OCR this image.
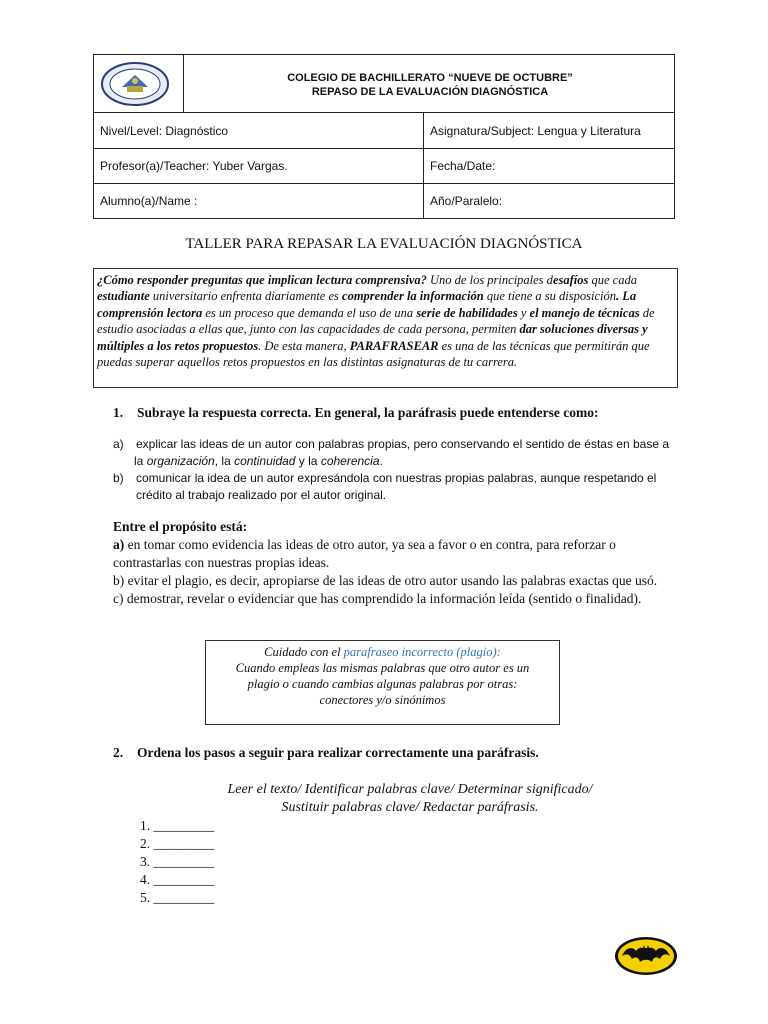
COLEGIO DE BACHILLERATO “NUEVE DE OCTUBRE”
REPASO DE LA EVALUACIÓN DIAGNÓSTICA
Nivel/Level: Diagnóstico	Asignatura/Subject: Lengua y Literatura
Profesor(a)/Teacher: Yuber Vargas.	Fecha/Date:
Alumno(a)/Name :	Año/Paralelo:
TALLER PARA REPASAR LA EVALUACIÓN DIAGNÓSTICA
¿Cómo responder preguntas que implican lectura comprensiva? Uno de los principales desafíos que cada estudiante universitario enfrenta diariamente es comprender la información que tiene a su disposición. La comprensión lectora es un proceso que demanda el uso de una serie de habilidades y el manejo de técnicas de estudio asociadas a ellas que, junto con las capacidades de cada persona, permiten dar soluciones diversas y múltiples a los retos propuestos. De esta manera, PARAFRASEAR es una de las técnicas que permitirán que puedas superar aquellos retos propuestos en las distintas asignaturas de tu carrera.
1. Subraye la respuesta correcta. En general, la paráfrasis puede entenderse como:
a) explicar las ideas de un autor con palabras propias, pero conservando el sentido de éstas en base a
la organización, la continuidad y la coherencia.
b) comunicar la idea de un autor expresándola con nuestras propias palabras, aunque respetando el
crédito al trabajo realizado por el autor original.
Entre el propósito está:
a) en tomar como evidencia las ideas de otro autor, ya sea a favor o en contra, para reforzar o contrastarlas con nuestras propias ideas.
b) evitar el plagio, es decir, apropiarse de las ideas de otro autor usando las palabras exactas que usó.
c) demostrar, revelar o evidenciar que has comprendido la información leída (sentido o finalidad).
Cuidado con el parafraseo incorrecto (plagio):
Cuando empleas las mismas palabras que otro autor es un
plagio o cuando cambias algunas palabras por otras:
conectores y/o sinónimos
2. Ordena los pasos a seguir para realizar correctamente una paráfrasis.
Leer el texto/ Identificar palabras clave/ Determinar significado/
Sustituir palabras clave/ Redactar paráfrasis.
1. _________
2. _________
3. _________
4. _________
5. _________
